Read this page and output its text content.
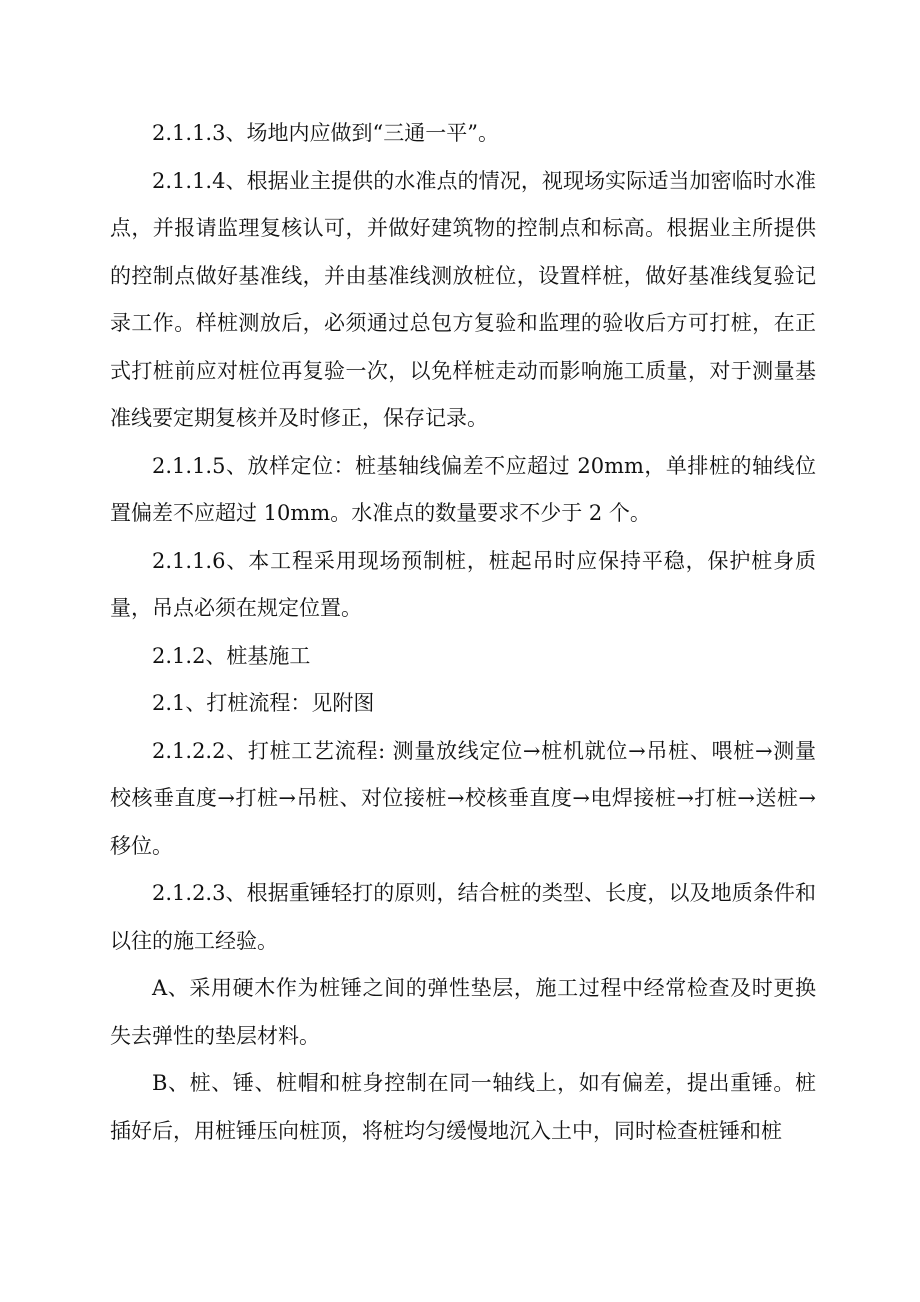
2.1.1.3、场地内应做到“三通一平”。

2.1.1.4、根据业主提供的水准点的情况，视现场实际适当加密临时水准点，并报请监理复核认可，并做好建筑物的控制点和标高。根据业主所提供的控制点做好基准线，并由基准线测放桩位，设置样桩，做好基准线复验记录工作。样桩测放后，必须通过总包方复验和监理的验收后方可打桩，在正式打桩前应对桩位再复验一次，以免样桩走动而影响施工质量，对于测量基准线要定期复核并及时修正，保存记录。

2.1.1.5、放样定位：桩基轴线偏差不应超过 20mm，单排桩的轴线位置偏差不应超过 10mm。水准点的数量要求不少于 2 个。

2.1.1.6、本工程采用现场预制桩，桩起吊时应保持平稳，保护桩身质量，吊点必须在规定位置。

2.1.2、桩基施工

2.1、打桩流程：见附图

2.1.2.2、打桩工艺流程: 测量放线定位→桩机就位→吊桩、喂桩→测量校核垂直度→打桩→吊桩、对位接桩→校核垂直度→电焊接桩→打桩→送桩→移位。

2.1.2.3、根据重锤轻打的原则，结合桩的类型、长度，以及地质条件和以往的施工经验。

A、采用硬木作为桩锤之间的弹性垫层，施工过程中经常检查及时更换失去弹性的垫层材料。

B、桩、锤、桩帽和桩身控制在同一轴线上，如有偏差，提出重锤。桩插好后，用桩锤压向桩顶，将桩均匀缓慢地沉入土中，同时检查桩锤和桩
